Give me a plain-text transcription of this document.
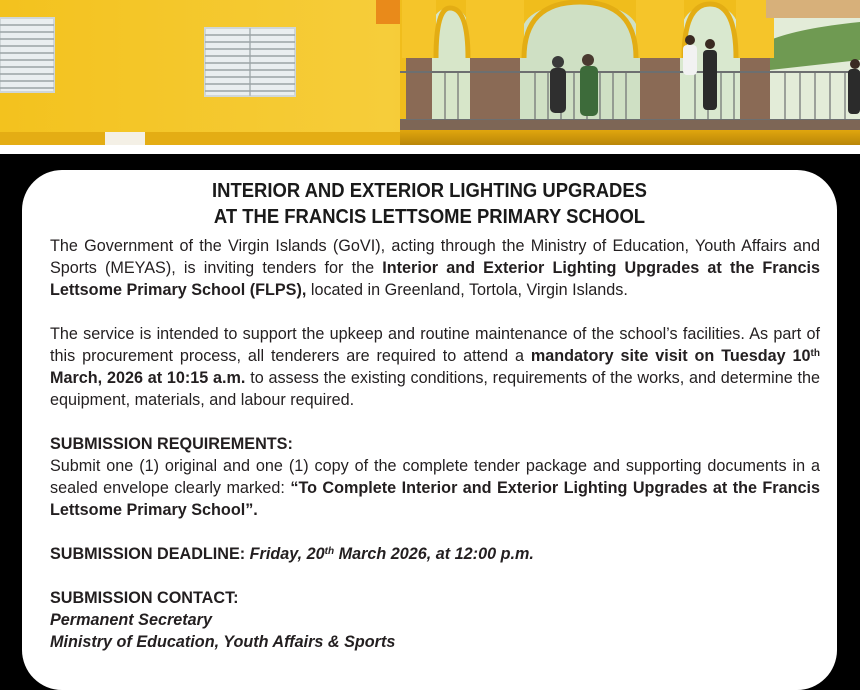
INTERIOR AND EXTERIOR LIGHTING UPGRADES
AT THE FRANCIS LETTSOME PRIMARY SCHOOL

The Government of the Virgin Islands (GoVI), acting through the Ministry of Education, Youth Affairs and Sports (MEYAS), is inviting tenders for the Interior and Exterior Lighting Upgrades at the Francis Lettsome Primary School (FLPS), located in Greenland, Tortola, Virgin Islands.

The service is intended to support the upkeep and routine maintenance of the school’s facilities. As part of this procurement process, all tenderers are required to attend a mandatory site visit on Tuesday 10th March, 2026 at 10:15 a.m. to assess the existing conditions, requirements of the works, and determine the equipment, materials, and labour required.

SUBMISSION REQUIREMENTS:

Submit one (1) original and one (1) copy of the complete tender package and supporting documents in a sealed envelope clearly marked: “To Complete Interior and Exterior Lighting Upgrades at the Francis Lettsome Primary School”.

SUBMISSION DEADLINE: Friday, 20th March 2026, at 12:00 p.m.

SUBMISSION CONTACT:

Permanent Secretary

Ministry of Education, Youth Affairs & Sports
